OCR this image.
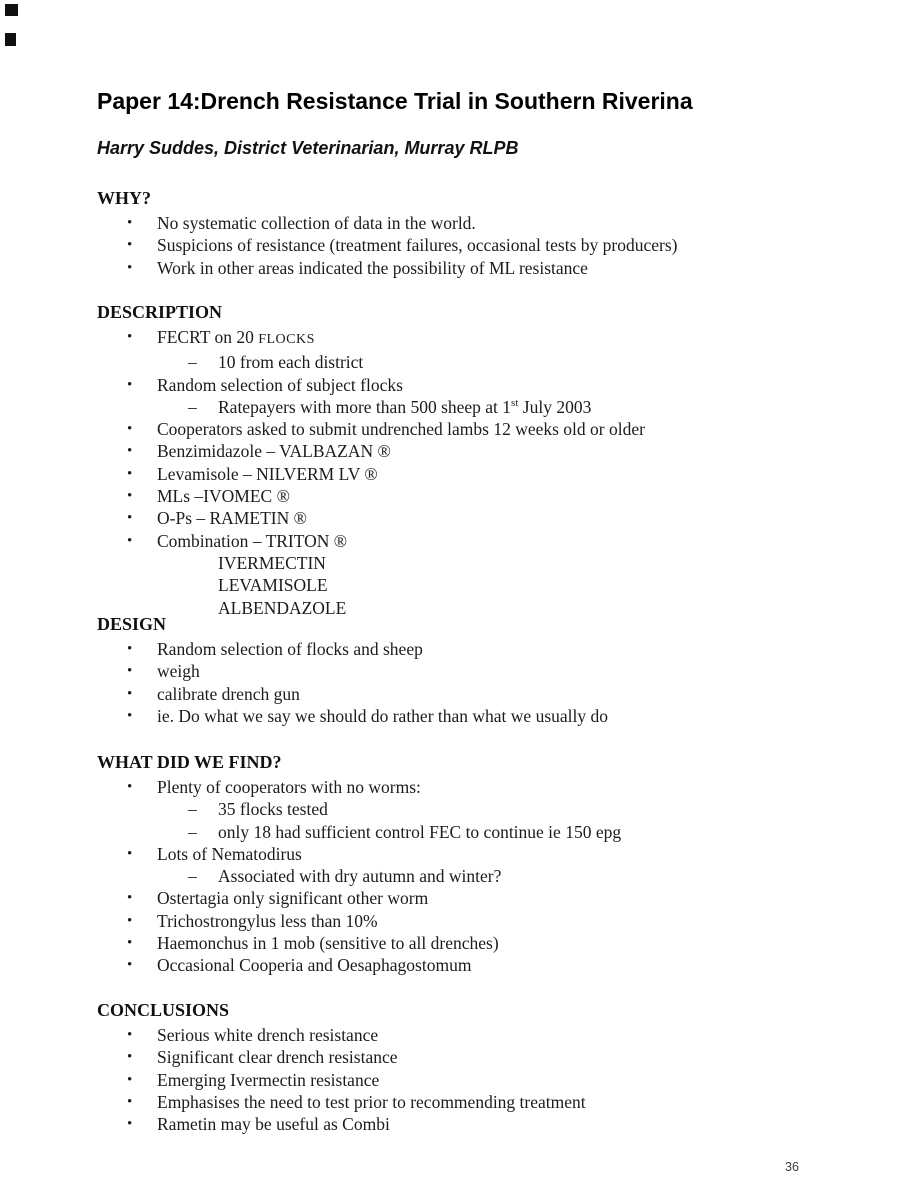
Paper 14:Drench Resistance Trial in Southern Riverina
Harry Suddes, District Veterinarian, Murray RLPB
WHY?
• No systematic collection of data in the world.
• Suspicions of resistance (treatment failures, occasional tests by producers)
• Work in other areas indicated the possibility of ML resistance
DESCRIPTION
• FECRT on 20 FLOCKS
– 10 from each district
• Random selection of subject flocks
– Ratepayers with more than 500 sheep at 1st July 2003
• Cooperators asked to submit undrenched lambs 12 weeks old or older
• Benzimidazole – VALBAZAN ®
• Levamisole – NILVERM LV ®
• MLs –IVOMEC ®
• O-Ps – RAMETIN ®
• Combination – TRITON ®
IVERMECTIN
LEVAMISOLE
ALBENDAZOLE
DESIGN
• Random selection of flocks and sheep
• weigh
• calibrate drench gun
• ie. Do what we say we should do rather than what we usually do
WHAT DID WE FIND?
• Plenty of cooperators with no worms:
– 35 flocks tested
– only 18 had sufficient control FEC to continue ie 150 epg
• Lots of Nematodirus
– Associated with dry autumn and winter?
• Ostertagia only significant other worm
• Trichostrongylus less than 10%
• Haemonchus in 1 mob (sensitive to all drenches)
• Occasional Cooperia and Oesaphagostomum
CONCLUSIONS
• Serious white drench resistance
• Significant clear drench resistance
• Emerging Ivermectin resistance
• Emphasises the need to test prior to recommending treatment
• Rametin may be useful as Combi
36
